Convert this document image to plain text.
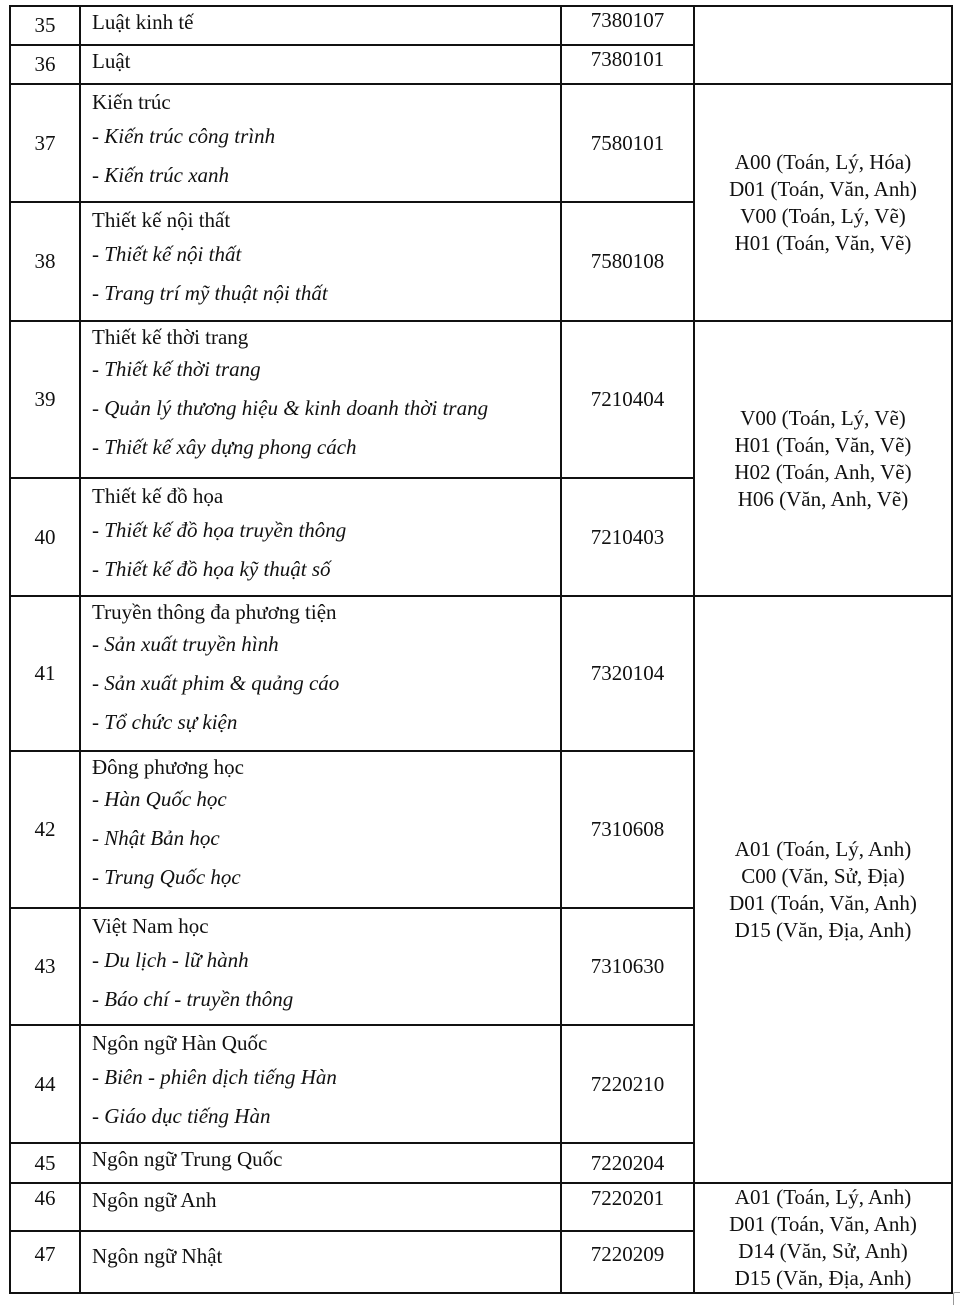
35	Luật kinh tế	7380107	
36	Luật	7380101	
37	Kiến trúc
- Kiến trúc công trình
- Kiến trúc xanh	7580101	A00 (Toán, Lý, Hóa)
D01 (Toán, Văn, Anh)
V00 (Toán, Lý, Vẽ)
H01 (Toán, Văn, Vẽ)

38	Thiết kế nội thất
- Thiết kế nội thất
- Trang trí mỹ thuật nội thất	7580108	
39	Thiết kế thời trang
- Thiết kế thời trang
- Quản lý thương hiệu & kinh doanh thời trang
- Thiết kế xây dựng phong cách	7210404	V00 (Toán, Lý, Vẽ)
H01 (Toán, Văn, Vẽ)
H02 (Toán, Anh, Vẽ)
H06 (Văn, Anh, Vẽ)

40	Thiết kế đồ họa
- Thiết kế đồ họa truyền thông
- Thiết kế đồ họa kỹ thuật số	7210403	
41	Truyền thông đa phương tiện
- Sản xuất truyền hình
- Sản xuất phim & quảng cáo
- Tổ chức sự kiện	7320104	A01 (Toán, Lý, Anh)
C00 (Văn, Sử, Địa)
D01 (Toán, Văn, Anh)
D15 (Văn, Địa, Anh)

42	Đông phương học
- Hàn Quốc học
- Nhật Bản học
- Trung Quốc học	7310608	
43	Việt Nam học
- Du lịch - lữ hành
- Báo chí - truyền thông	7310630	
44	Ngôn ngữ Hàn Quốc
- Biên - phiên dịch tiếng Hàn
- Giáo dục tiếng Hàn	7220210	
45	Ngôn ngữ Trung Quốc	7220204	
46	Ngôn ngữ Anh	7220201	A01 (Toán, Lý, Anh)
D01 (Toán, Văn, Anh)
D14 (Văn, Sử, Anh)
D15 (Văn, Địa, Anh)

47	Ngôn ngữ Nhật	7220209	
